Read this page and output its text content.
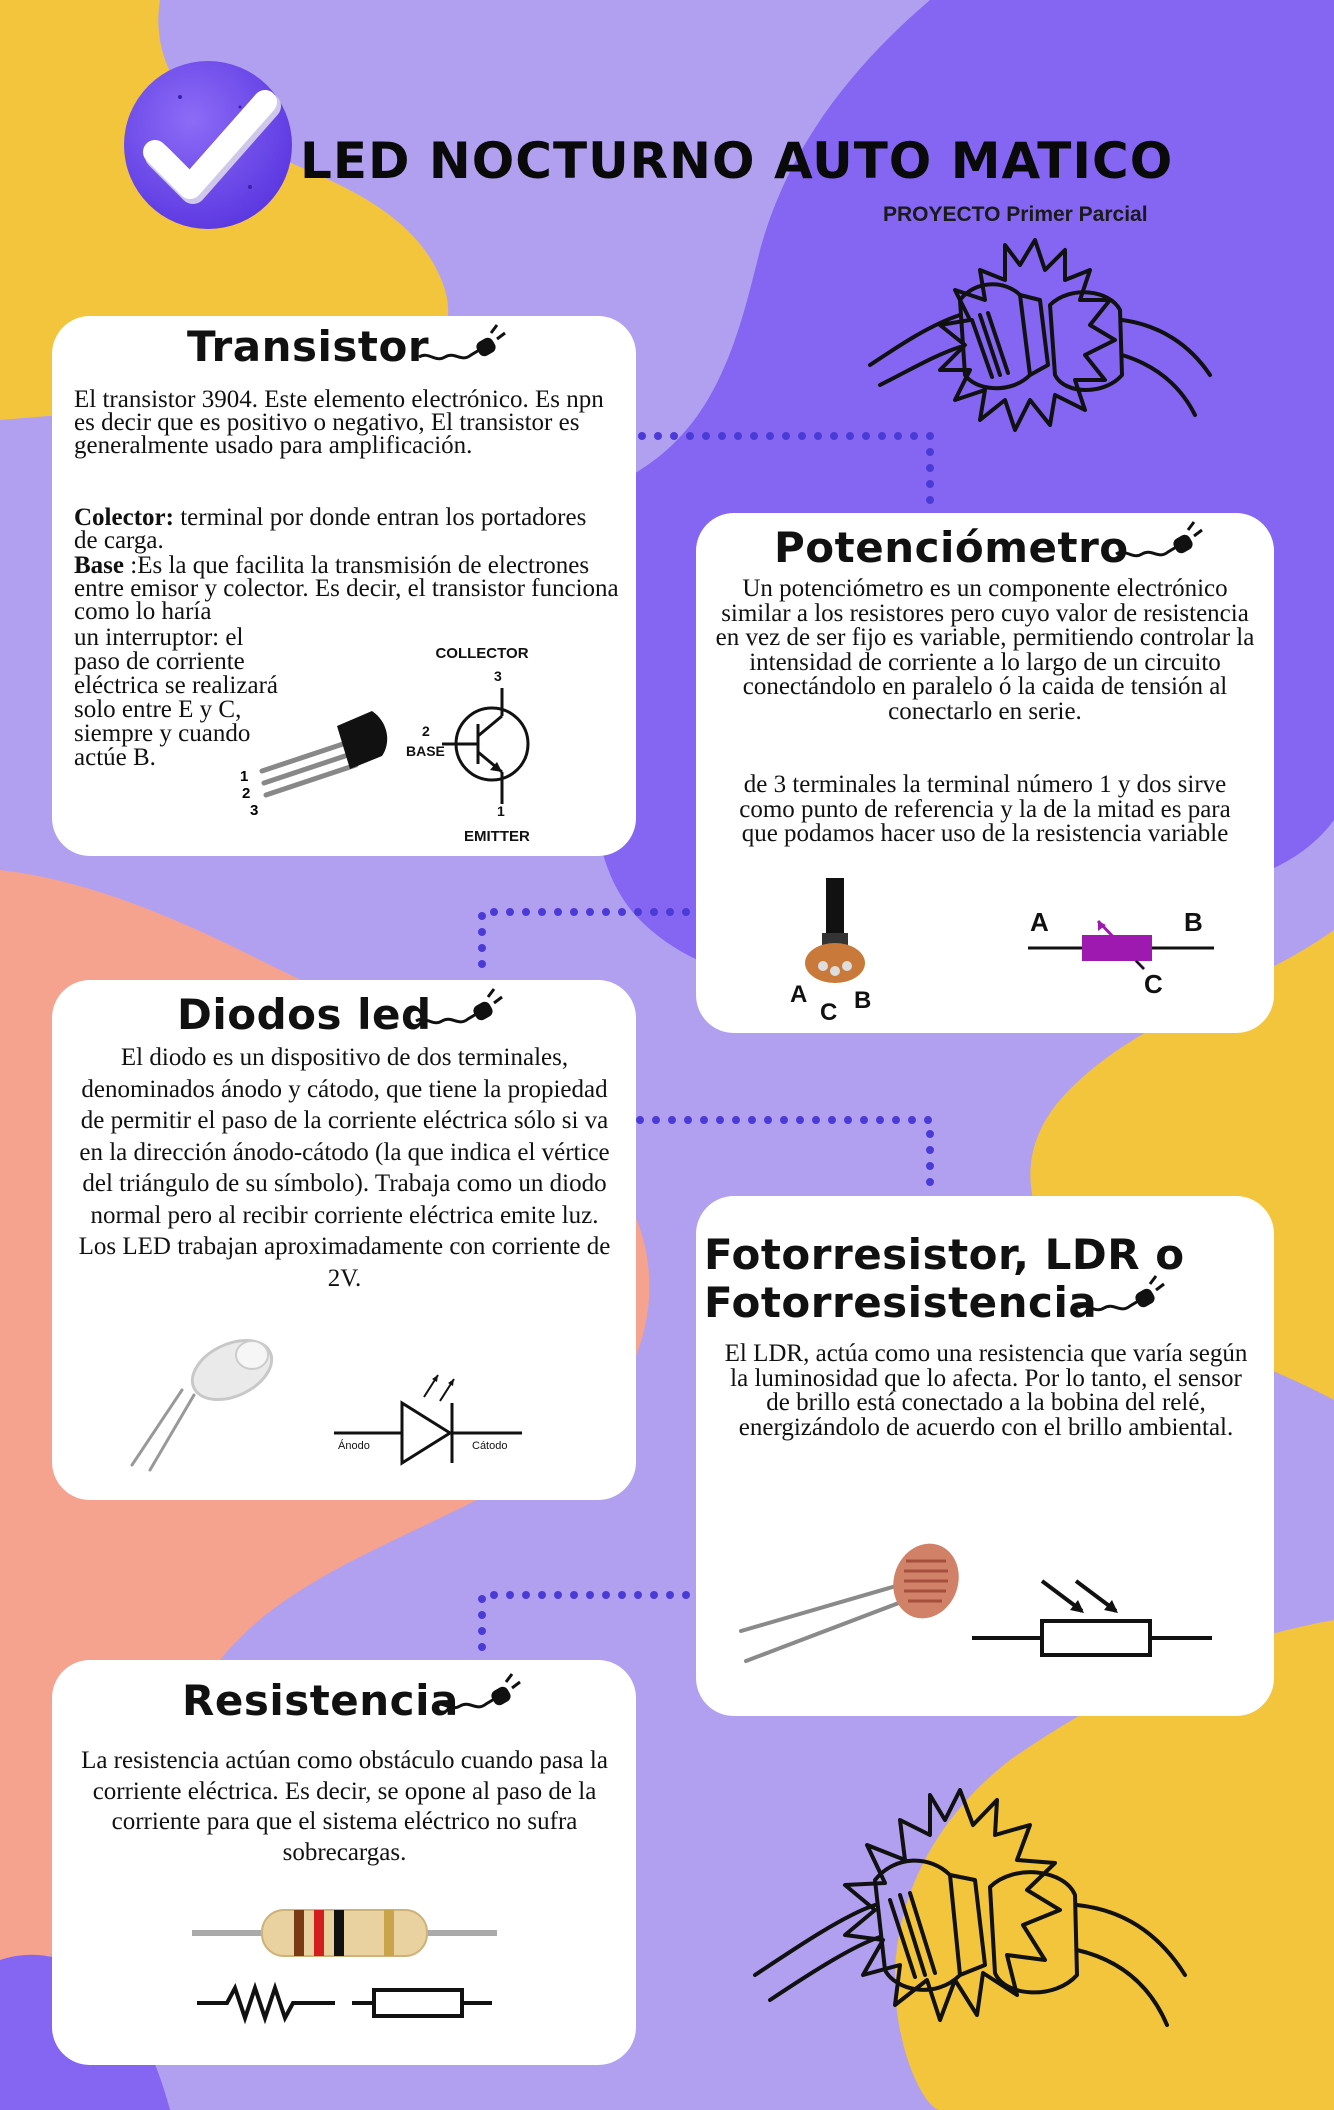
LED NOCTURNO AUTO MATICO
PROYECTO Primer Parcial
Transistor
El transistor 3904. Este elemento electrónico. Es npn es decir que es positivo o negativo, El transistor es generalmente usado para amplificación.
Colector: terminal por donde entran los portadores de carga.
Base :Es la que facilita la transmisión de electrones entre emisor y colector. Es decir, el transistor funciona como lo haría
un interruptor: el paso de corriente eléctrica se realizará solo entre E y C, siempre y cuando actúe B.
1
2
3
COLLECTOR
3
2
BASE
1
EMITTER
Potenciómetro
Un potenciómetro es un componente electrónico similar a los resistores pero cuyo valor de resistencia en vez de ser fijo es variable, permitiendo controlar la intensidad de corriente a lo largo de un circuito conectándolo en paralelo ó la caida de tensión al conectarlo en serie.
de 3 terminales la terminal número 1 y dos sirve como punto de referencia y la de la mitad es para que podamos hacer uso de la resistencia variable
A
C B
A	B
C
Diodos led
El diodo es un dispositivo de dos terminales, denominados ánodo y cátodo, que tiene la propiedad de permitir el paso de la corriente eléctrica sólo si va en la dirección ánodo-cátodo (la que indica el vértice del triángulo de su símbolo). Trabaja como un diodo normal pero al recibir corriente eléctrica emite luz. Los LED trabajan aproximadamente con corriente de 2V.
Ánodo	Cátodo
Fotorresistor, LDR o
Fotorresistencia
El LDR, actúa como una resistencia que varía según la luminosidad que lo afecta. Por lo tanto, el sensor de brillo está conectado a la bobina del relé, energizándolo de acuerdo con el brillo ambiental.
Resistencia
La resistencia actúan como obstáculo cuando pasa la corriente eléctrica. Es decir, se opone al paso de la corriente para que el sistema eléctrico no sufra sobrecargas.
